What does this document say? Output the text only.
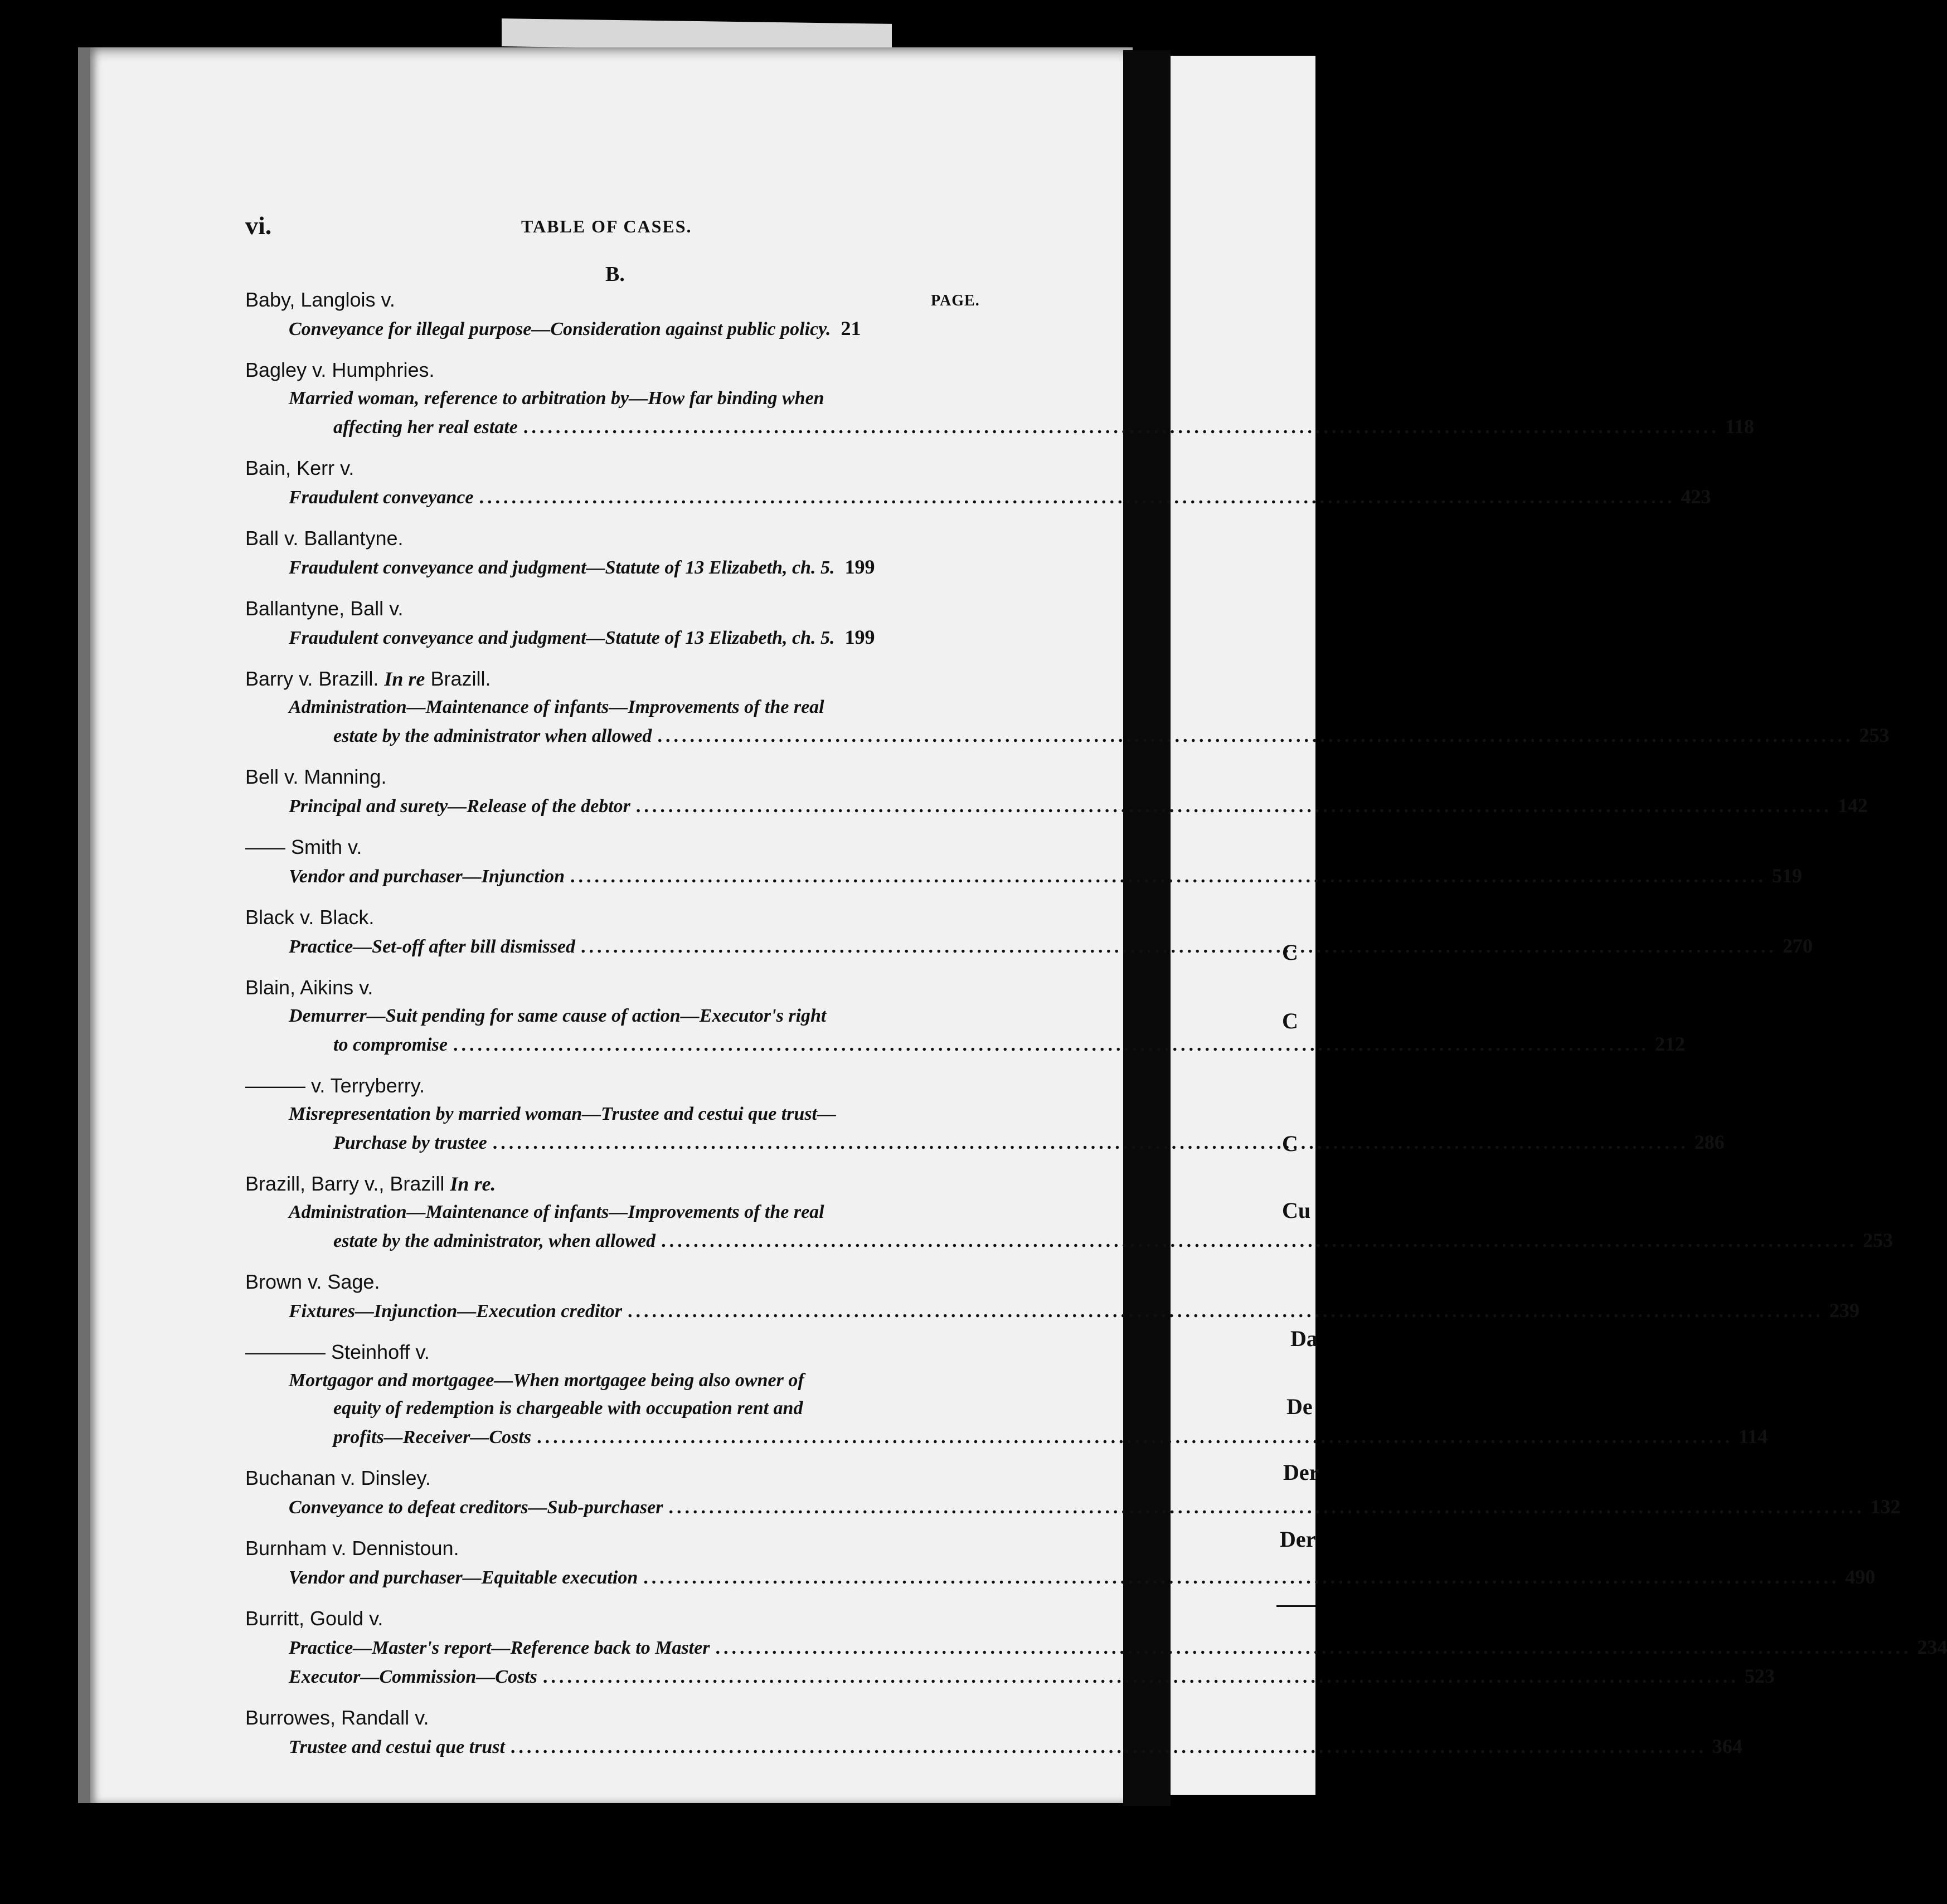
C
C
C
Cu
Da
De
Der
Der
vi.	TABLE OF CASES.
B.
PAGE.
Baby, Langlois v.
Conveyance for illegal purpose—Consideration against public policy. 21
Bagley v. Humphries.
Married woman, reference to arbitration by—How far binding when
affecting her real estate .....	118
Bain, Kerr v.
Fraudulent conveyance .....	423
Ball v. Ballantyne.
Fraudulent conveyance and judgment—Statute of 13 Elizabeth, ch. 5. 199
Ballantyne, Ball v.
Fraudulent conveyance and judgment—Statute of 13 Elizabeth, ch. 5. 199
Barry v. Brazill. In re Brazill.
Administration—Maintenance of infants—Improvements of the real
estate by the administrator when allowed .....	253
Bell v. Manning.
Principal and surety—Release of the debtor .....	142
—— Smith v.
Vendor and purchaser—Injunction .....	519
Black v. Black.
Practice—Set-off after bill dismissed .....	270
Blain, Aikins v.
Demurrer—Suit pending for same cause of action—Executor's right
to compromise .....	212
——— v. Terryberry.
Misrepresentation by married woman—Trustee and cestui que trust—
Purchase by trustee .....	286
Brazill, Barry v., Brazill In re.
Administration—Maintenance of infants—Improvements of the real
estate by the administrator, when allowed .....	253
Brown v. Sage.
Fixtures—Injunction—Execution creditor .....	239
———— Steinhoff v.
Mortgagor and mortgagee—When mortgagee being also owner of
equity of redemption is chargeable with occupation rent and
profits—Receiver—Costs .....	114
Buchanan v. Dinsley.
Conveyance to defeat creditors—Sub-purchaser .....	132
Burnham v. Dennistoun.
Vendor and purchaser—Equitable execution .....	490
Burritt, Gould v.
Practice—Master's report—Reference back to Master .....	234
Executor—Commission—Costs .....	523
Burrowes, Randall v.
Trustee and cestui que trust .....	364
